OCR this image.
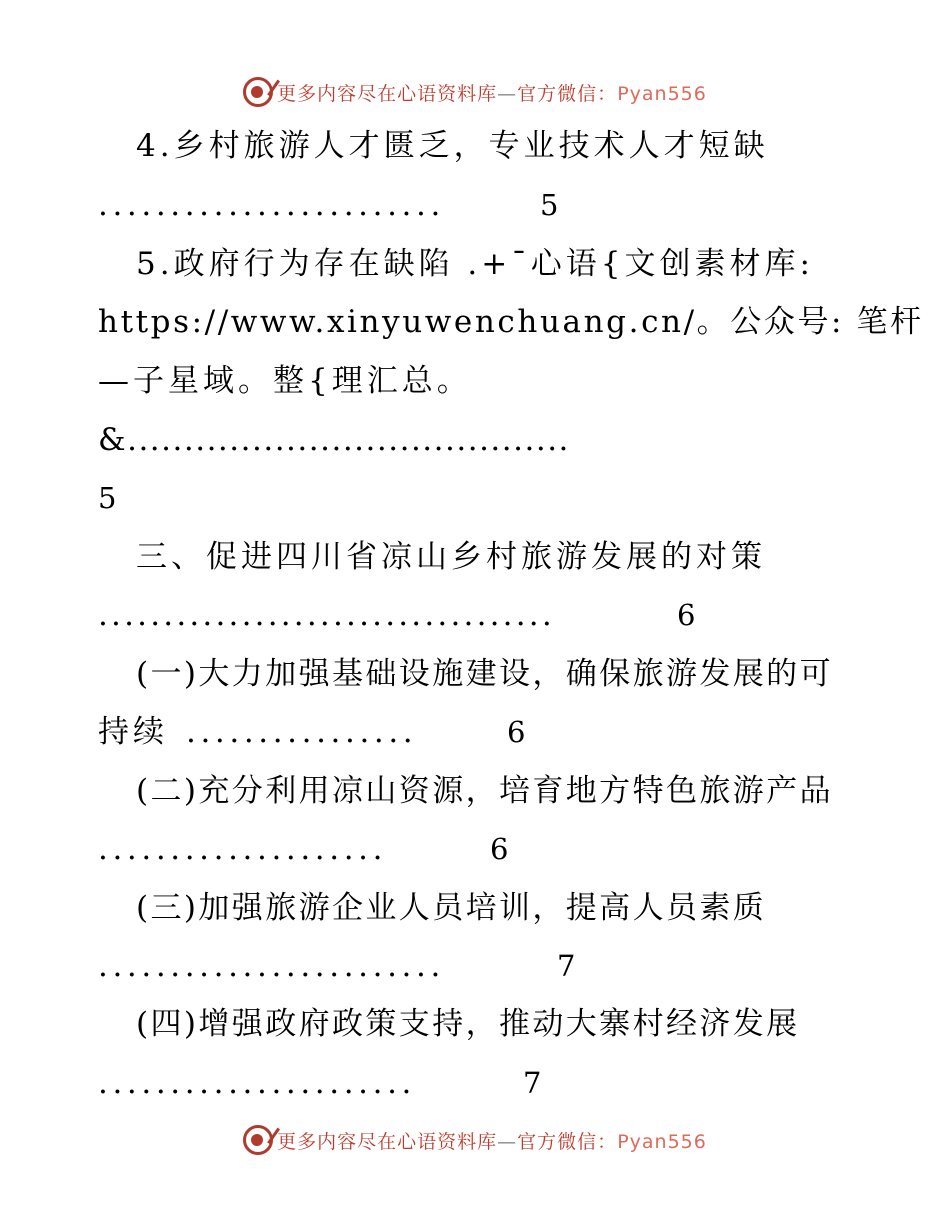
更多内容尽在心语资料库—官方微信：Pyan556
4.乡村旅游人才匮乏，专业技术人才短缺
........................	5
5.政府行为存在缺陷 .+¯心语{文创素材库:
https://www.xinyuwenchuang.cn/。公众号: 笔杆
—子星域。整{理汇总。
&.......................................
5
三、促进四川省凉山乡村旅游发展的对策
...................................	6
(一)大力加强基础设施建设，确保旅游发展的可
持续 ................	6
(二)充分利用凉山资源，培育地方特色旅游产品
....................	6
(三)加强旅游企业人员培训，提高人员素质
........................	7
(四)增强政府政策支持，推动大寨村经济发展
......................	7
更多内容尽在心语资料库—官方微信：Pyan556
